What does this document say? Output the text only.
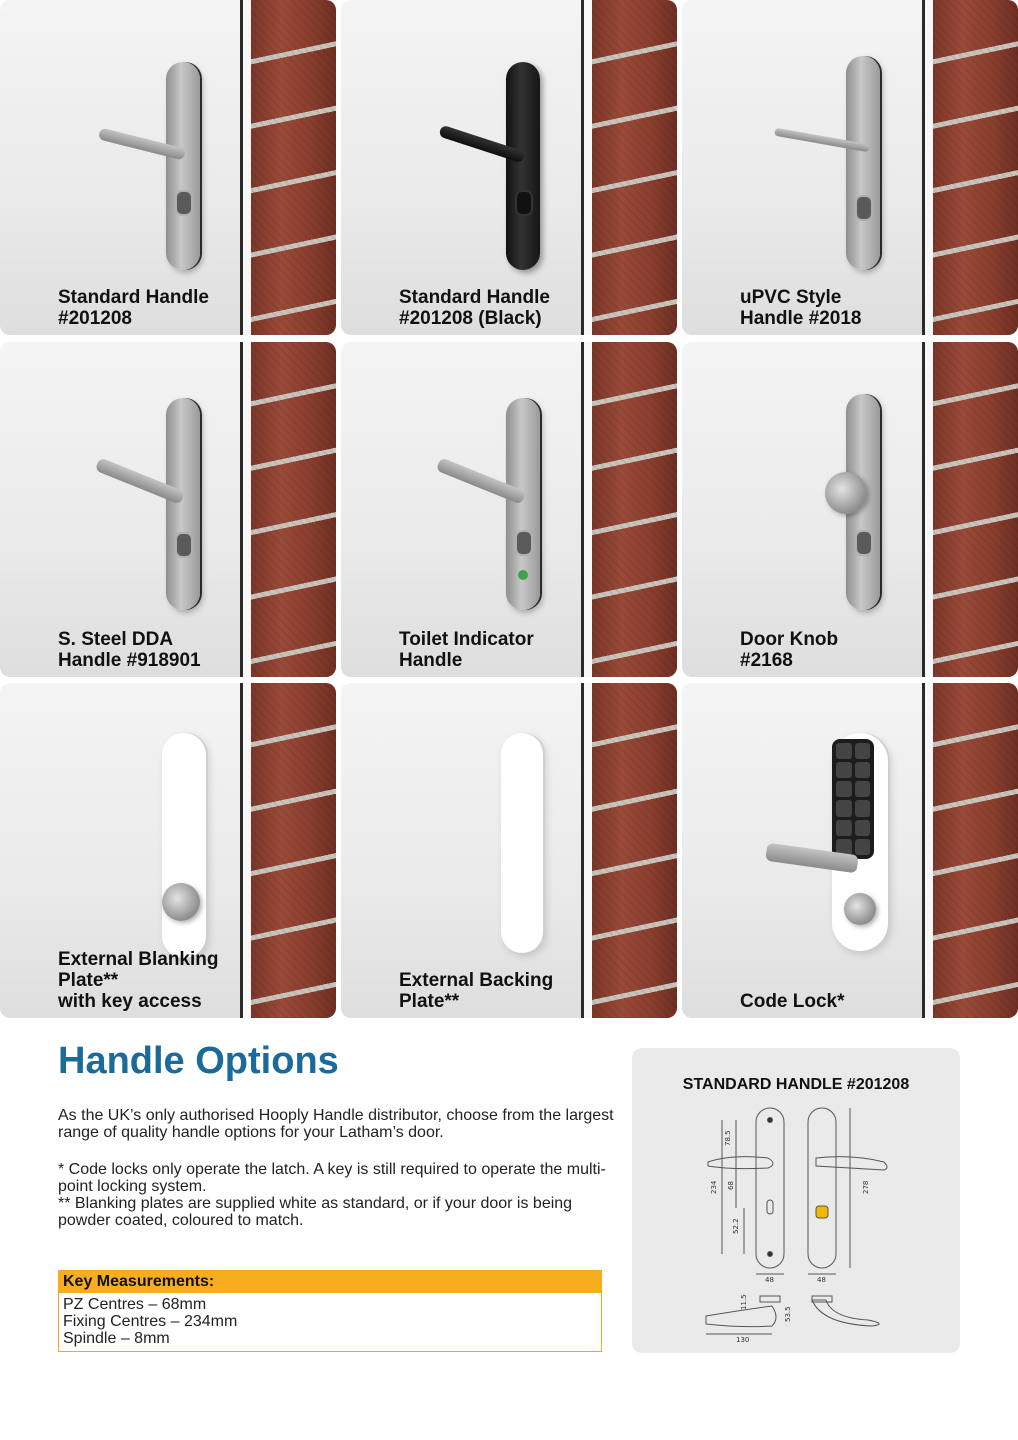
Standard Handle
#201208
Standard Handle
#201208 (Black)
uPVC Style
Handle #2018
S. Steel DDA
Handle #918901
Toilet Indicator
Handle
Door Knob
#2168
External Blanking
Plate**
with key access
External Backing
Plate**	Code Lock*
Handle Options
As the UK’s only authorised Hooply Handle distributor, choose from the largest range of quality handle options for your Latham’s door.

* Code locks only operate the latch. A key is still required to operate the multi-point locking system.

** Blanking plates are supplied white as standard, or if your door is being powder coated, coloured to match.

Key Measurements:
PZ Centres – 68mm
Fixing Centres – 234mm
Spindle – 8mm
STANDARD HANDLE #201208
78.5
234 68
52.2
278
48	48
11.5
53.5
130
